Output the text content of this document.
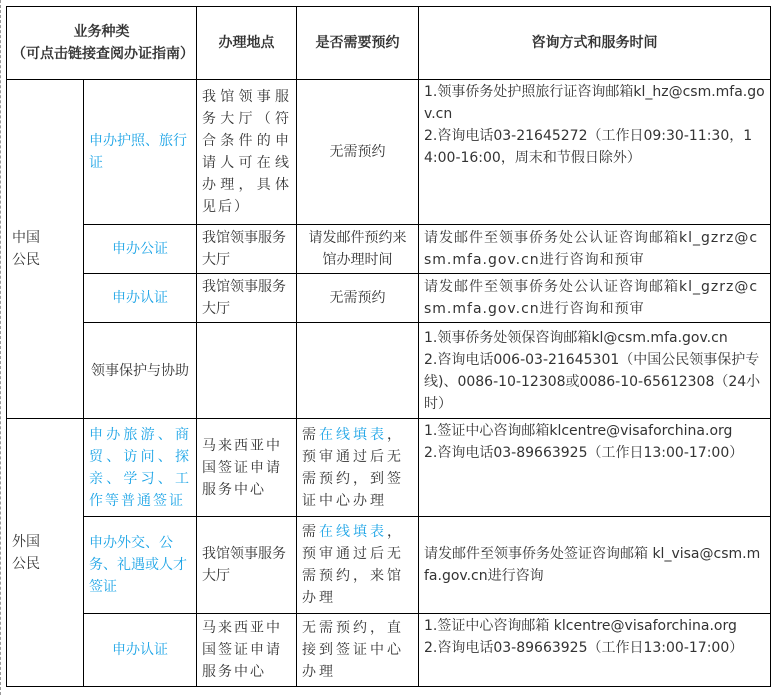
业务种类
（可点击链接查阅办证指南）		办理地点	是否需要预约	咨询方式和服务时间
中国公民	申办护照、旅行证	我馆领事服务大厅（符合条件的申请人可在线办理，具体见后）	无需预约	1.领事侨务处护照旅行证咨询邮箱kl_hz@csm.mfa.gov.cn
2.咨询电话03-21645272（工作日09:30-11:30，14:00-16:00，周末和节假日除外）

	申办公证	我馆领事服务大厅	请发邮件预约来馆办理时间	请发邮件至领事侨务处公认证咨询邮箱kl_gzrz@csm.mfa.gov.cn进行咨询和预审
	申办认证	我馆领事服务大厅	无需预约	请发邮件至领事侨务处公认证咨询邮箱kl_gzrz@csm.mfa.gov.cn进行咨询和预审
	领事保护与协助			1.领事侨务处领保咨询邮箱kl@csm.mfa.gov.cn
2.咨询电话006-03-21645301（中国公民领事保护专线)、0086-10-12308或0086-10-65612308（24小时）

外国公民	申办旅游、商贸、访问、探亲、学习、工作等普通签证	马来西亚中国签证申请服务中心	需在线填表，预审通过后无需预约，到签证中心办理	1.签证中心咨询邮箱klcentre@visaforchina.org
2.咨询电话03-89663925（工作日13:00-17:00）

	申办外交、公务、礼遇或人才签证	我馆领事服务大厅	需在线填表，预审通过后无需预约，来馆办理	请发邮件至领事侨务处签证咨询邮箱 kl_visa@csm.mfa.gov.cn进行咨询
	申办认证	马来西亚中国签证申请服务中心	无需预约，直接到签证中心办理	1.签证中心咨询邮箱 klcentre@visaforchina.org
2.咨询电话03-89663925（工作日13:00-17:00）
